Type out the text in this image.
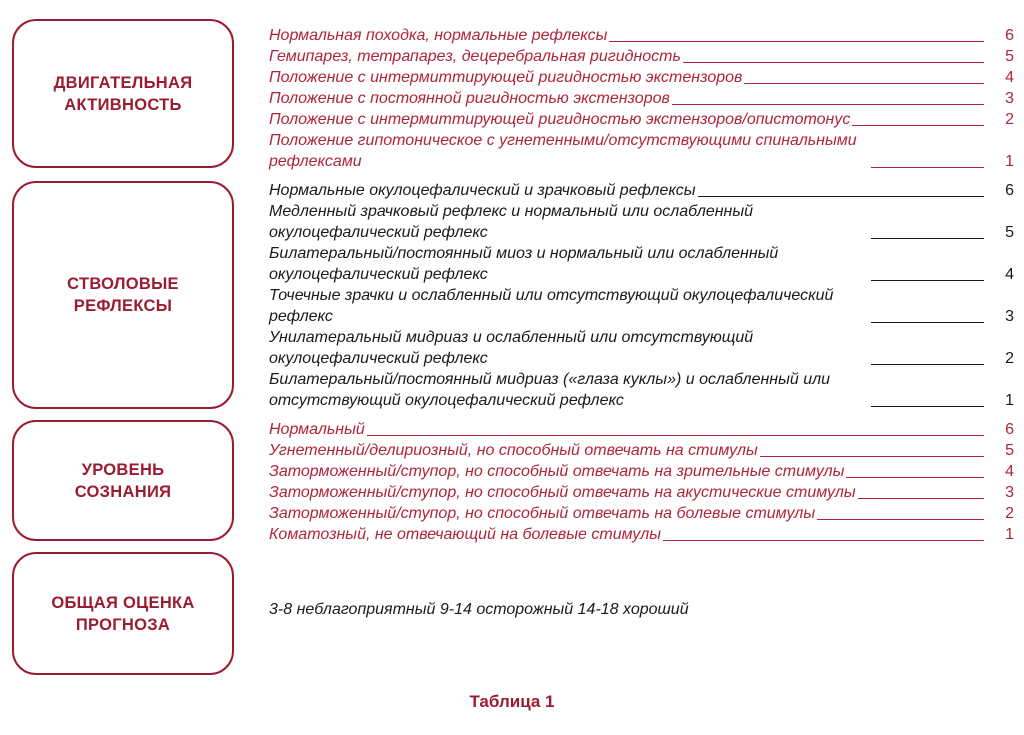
ДВИГАТЕЛЬНАЯ
АКТИВНОСТЬ
СТВОЛОВЫЕ
РЕФЛЕКСЫ
УРОВЕНЬ
СОЗНАНИЯ
ОБЩАЯ ОЦЕНКА
ПРОГНОЗА
Нормальная походка, нормальные рефлексы	6
Гемипарез, тетрапарез, децеребральная ригидность	5
Положение с интермиттирующей ригидностью экстензоров	4
Положение с постоянной ригидностью экстензоров	3
Положение с интермиттирующей ригидностью экстензоров/опистотонус	2
Положение гипотоническое с угнетенными/отсутствующими спинальными рефлексами	1
Нормальные окулоцефалический и зрачковый рефлексы	6
Медленный зрачковый рефлекс и нормальный или ослабленный окулоцефалический рефлекс	5
Билатеральный/постоянный миоз и нормальный или ослабленный окулоцефалический рефлекс	4
Точечные зрачки и ослабленный или отсутствующий окулоцефалический рефлекс	3
Унилатеральный мидриаз и ослабленный или отсутствующий окулоцефалический рефлекс	2
Билатеральный/постоянный мидриаз («глаза куклы») и ослабленный или отсутствующий окулоцефалический рефлекс	1
Нормальный	6
Угнетенный/делириозный, но способный отвечать на стимулы	5
Заторможенный/ступор, но способный отвечать на зрительные стимулы	4
Заторможенный/ступор, но способный отвечать на акустические стимулы	3
Заторможенный/ступор, но способный отвечать на болевые стимулы	2
Коматозный, не отвечающий на болевые стимулы	1
3-8 неблагоприятный 9-14 осторожный 14-18 хороший
Таблица 1
